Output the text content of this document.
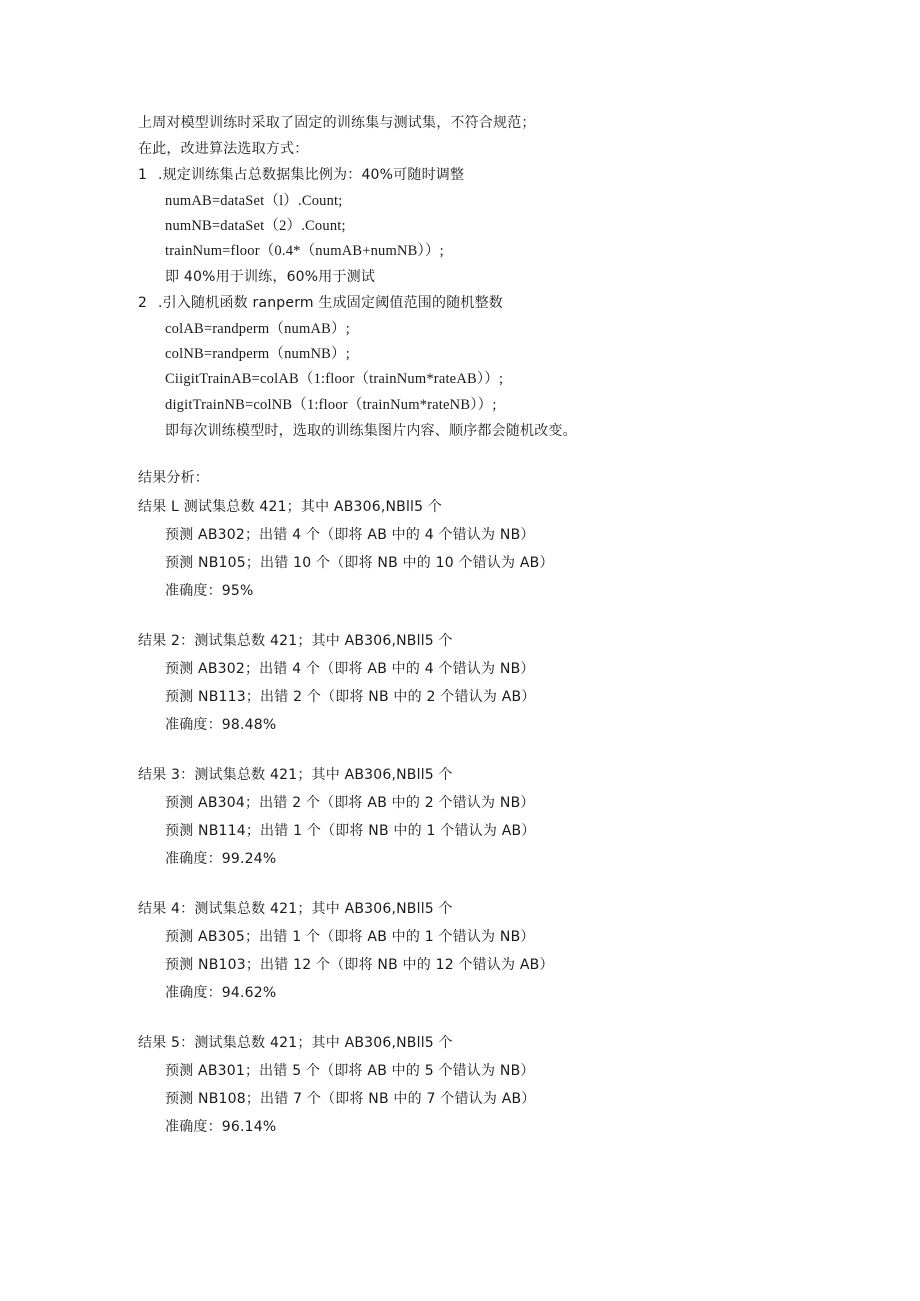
上周对模型训练时采取了固定的训练集与测试集，不符合规范；
在此，改进算法选取方式：
1 .规定训练集占总数据集比例为：40%可随时调整
numAB=dataSet（l）.Count;
numNB=dataSet（2）.Count;
trainNum=floor（0.4*（numAB+numNB））;
即 40%用于训练，60%用于测试
2 .引入随机函数 ranperm 生成固定阈值范围的随机整数
colAB=randperm（numAB）;
colNB=randperm（numNB）;
CiigitTrainAB=colAB（1:floor（trainNum*rateAB））;
digitTrainNB=colNB（1:floor（trainNum*rateNB））;
即每次训练模型时，选取的训练集图片内容、顺序都会随机改变。
结果分析：
结果 L 测试集总数 421；其中 AB306,NBll5 个
预测 AB302；出错 4 个（即将 AB 中的 4 个错认为 NB）
预测 NB105；出错 10 个（即将 NB 中的 10 个错认为 AB）
准确度：95%
结果 2：测试集总数 421；其中 AB306,NBll5 个
预测 AB302；出错 4 个（即将 AB 中的 4 个错认为 NB）
预测 NB113；出错 2 个（即将 NB 中的 2 个错认为 AB）
准确度：98.48%
结果 3：测试集总数 421；其中 AB306,NBll5 个
预测 AB304；出错 2 个（即将 AB 中的 2 个错认为 NB）
预测 NB114；出错 1 个（即将 NB 中的 1 个错认为 AB）
准确度：99.24%
结果 4：测试集总数 421；其中 AB306,NBll5 个
预测 AB305；出错 1 个（即将 AB 中的 1 个错认为 NB）
预测 NB103；出错 12 个（即将 NB 中的 12 个错认为 AB）
准确度：94.62%
结果 5：测试集总数 421；其中 AB306,NBll5 个
预测 AB301；出错 5 个（即将 AB 中的 5 个错认为 NB）
预测 NB108；出错 7 个（即将 NB 中的 7 个错认为 AB）
准确度：96.14%
